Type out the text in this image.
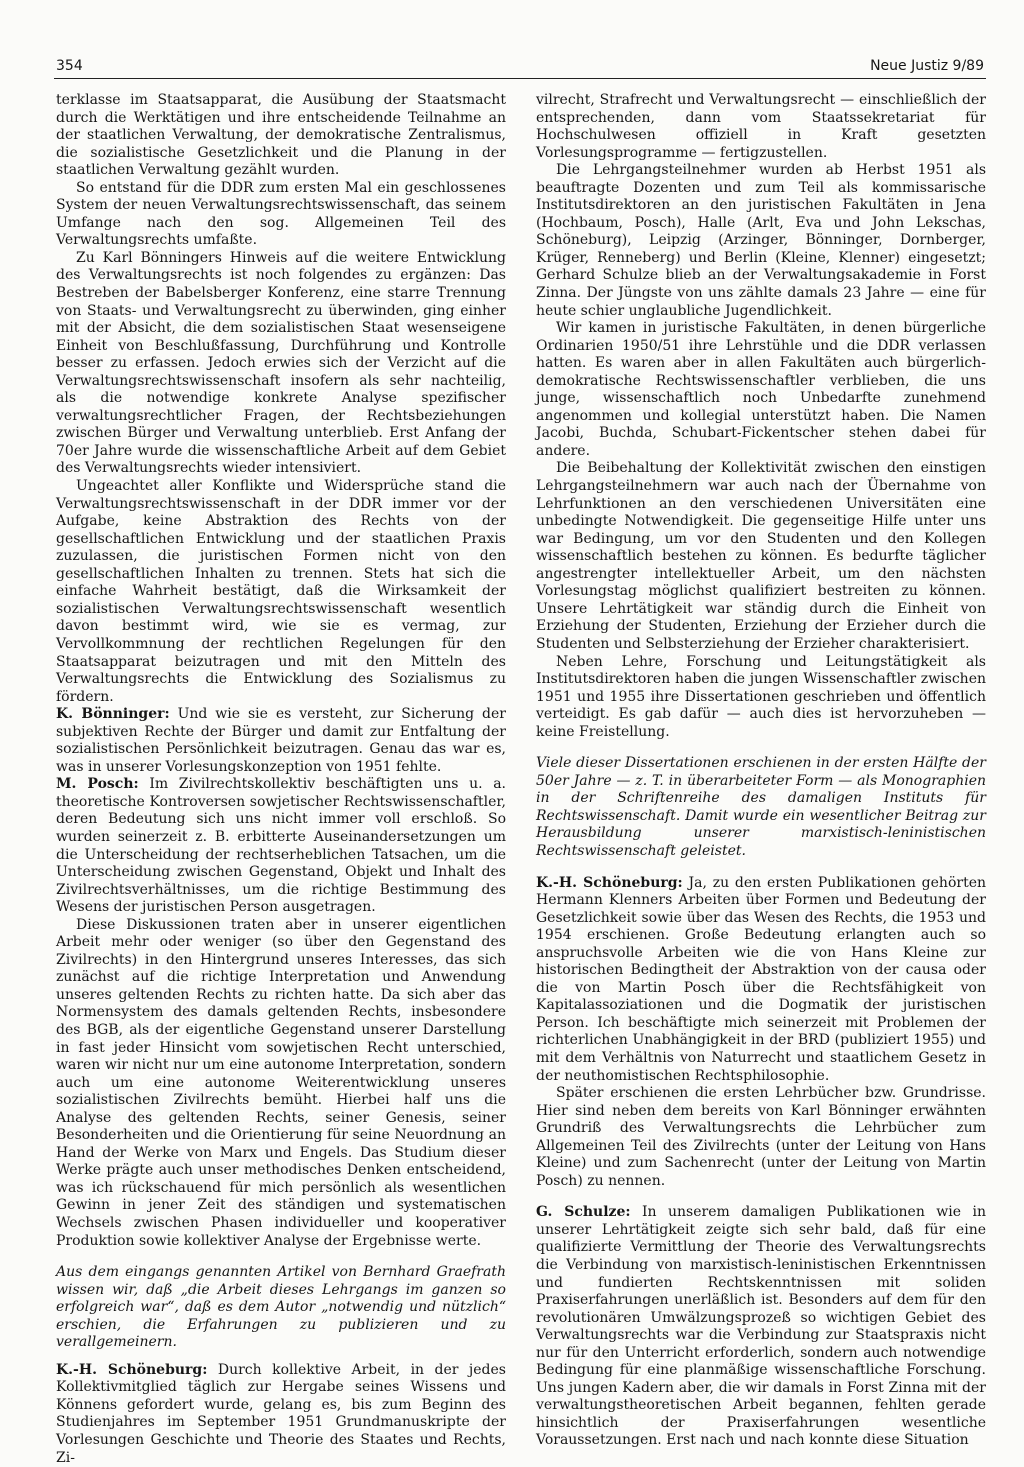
354	Neue Justiz 9/89

terklasse im Staatsapparat, die Ausübung der Staatsmacht durch die Werktätigen und ihre entscheidende Teilnahme an der staatlichen Verwaltung, der demokratische Zentralismus, die sozialistische Gesetzlichkeit und die Planung in der staatlichen Verwaltung gezählt wurden.

So entstand für die DDR zum ersten Mal ein geschlossenes System der neuen Verwaltungsrechtswissenschaft, das seinem Umfange nach den sog. Allgemeinen Teil des Verwaltungsrechts umfaßte.

Zu Karl Bönningers Hinweis auf die weitere Entwicklung des Verwaltungsrechts ist noch folgendes zu ergänzen: Das Bestreben der Babelsberger Konferenz, eine starre Trennung von Staats- und Verwaltungsrecht zu überwinden, ging einher mit der Absicht, die dem sozialistischen Staat wesenseigene Einheit von Beschlußfassung, Durchführung und Kontrolle besser zu erfassen. Jedoch erwies sich der Verzicht auf die Verwaltungsrechtswissenschaft insofern als sehr nachteilig, als die notwendige konkrete Analyse spezifischer verwaltungsrechtlicher Fragen, der Rechtsbeziehungen zwischen Bürger und Verwaltung unterblieb. Erst Anfang der 70er Jahre wurde die wissenschaftliche Arbeit auf dem Gebiet des Verwaltungsrechts wieder intensiviert.

Ungeachtet aller Konflikte und Widersprüche stand die Verwaltungsrechtswissenschaft in der DDR immer vor der Aufgabe, keine Abstraktion des Rechts von der gesellschaftlichen Entwicklung und der staatlichen Praxis zuzulassen, die juristischen Formen nicht von den gesellschaftlichen Inhalten zu trennen. Stets hat sich die einfache Wahrheit bestätigt, daß die Wirksamkeit der sozialistischen Verwaltungsrechtswissenschaft wesentlich davon bestimmt wird, wie sie es vermag, zur Vervollkommnung der rechtlichen Regelungen für den Staatsapparat beizutragen und mit den Mitteln des Verwaltungsrechts die Entwicklung des Sozialismus zu fördern.

K. Bönninger: Und wie sie es versteht, zur Sicherung der subjektiven Rechte der Bürger und damit zur Entfaltung der sozialistischen Persönlichkeit beizutragen. Genau das war es, was in unserer Vorlesungskonzeption von 1951 fehlte.

M. Posch: Im Zivilrechtskollektiv beschäftigten uns u. a. theoretische Kontroversen sowjetischer Rechtswissenschaftler, deren Bedeutung sich uns nicht immer voll erschloß. So wurden seinerzeit z. B. erbitterte Auseinandersetzungen um die Unterscheidung der rechtserheblichen Tatsachen, um die Unterscheidung zwischen Gegenstand, Objekt und Inhalt des Zivilrechtsverhältnisses, um die richtige Bestimmung des Wesens der juristischen Person ausgetragen.

Diese Diskussionen traten aber in unserer eigentlichen Arbeit mehr oder weniger (so über den Gegenstand des Zivilrechts) in den Hintergrund unseres Interesses, das sich zunächst auf die richtige Interpretation und Anwendung unseres geltenden Rechts zu richten hatte. Da sich aber das Normensystem des damals geltenden Rechts, insbesondere des BGB, als der eigentliche Gegenstand unserer Darstellung in fast jeder Hinsicht vom sowjetischen Recht unterschied, waren wir nicht nur um eine autonome Interpretation, sondern auch um eine autonome Weiterentwicklung unseres sozialistischen Zivilrechts bemüht. Hierbei half uns die Analyse des geltenden Rechts, seiner Genesis, seiner Besonderheiten und die Orientierung für seine Neuordnung an Hand der Werke von Marx und Engels. Das Studium dieser Werke prägte auch unser methodisches Denken entscheidend, was ich rückschauend für mich persönlich als wesentlichen Gewinn in jener Zeit des ständigen und systematischen Wechsels zwischen Phasen individueller und kooperativer Produktion sowie kollektiver Analyse der Ergebnisse werte.

Aus dem eingangs genannten Artikel von Bernhard Graefrath wissen wir, daß „die Arbeit dieses Lehrgangs im ganzen so erfolgreich war“, daß es dem Autor „notwendig und nützlich“ erschien, die Erfahrungen zu publizieren und zu verallgemeinern.

K.-H. Schöneburg: Durch kollektive Arbeit, in der jedes Kollektivmitglied täglich zur Hergabe seines Wissens und Könnens gefordert wurde, gelang es, bis zum Beginn des Studienjahres im September 1951 Grundmanuskripte der Vorlesungen Geschichte und Theorie des Staates und Rechts, Zi-

vilrecht, Strafrecht und Verwaltungsrecht — einschließlich der entsprechenden, dann vom Staatssekretariat für Hochschulwesen offiziell in Kraft gesetzten Vorlesungsprogramme — fertigzustellen.

Die Lehrgangsteilnehmer wurden ab Herbst 1951 als beauftragte Dozenten und zum Teil als kommissarische Institutsdirektoren an den juristischen Fakultäten in Jena (Hochbaum, Posch), Halle (Arlt, Eva und John Lekschas, Schöneburg), Leipzig (Arzinger, Bönninger, Dornberger, Krüger, Renneberg) und Berlin (Kleine, Klenner) eingesetzt; Gerhard Schulze blieb an der Verwaltungsakademie in Forst Zinna. Der Jüngste von uns zählte damals 23 Jahre — eine für heute schier unglaubliche Jugendlichkeit.

Wir kamen in juristische Fakultäten, in denen bürgerliche Ordinarien 1950/51 ihre Lehrstühle und die DDR verlassen hatten. Es waren aber in allen Fakultäten auch bürgerlich-demokratische Rechtswissenschaftler verblieben, die uns junge, wissenschaftlich noch Unbedarfte zunehmend angenommen und kollegial unterstützt haben. Die Namen Jacobi, Buchda, Schubart-Fickentscher stehen dabei für andere.

Die Beibehaltung der Kollektivität zwischen den einstigen Lehrgangsteilnehmern war auch nach der Übernahme von Lehrfunktionen an den verschiedenen Universitäten eine unbedingte Notwendigkeit. Die gegenseitige Hilfe unter uns war Bedingung, um vor den Studenten und den Kollegen wissenschaftlich bestehen zu können. Es bedurfte täglicher angestrengter intellektueller Arbeit, um den nächsten Vorlesungstag möglichst qualifiziert bestreiten zu können. Unsere Lehrtätigkeit war ständig durch die Einheit von Erziehung der Studenten, Erziehung der Erzieher durch die Studenten und Selbsterziehung der Erzieher charakterisiert.

Neben Lehre, Forschung und Leitungstätigkeit als Institutsdirektoren haben die jungen Wissenschaftler zwischen 1951 und 1955 ihre Dissertationen geschrieben und öffentlich verteidigt. Es gab dafür — auch dies ist hervorzuheben — keine Freistellung.

Viele dieser Dissertationen erschienen in der ersten Hälfte der 50er Jahre — z. T. in überarbeiteter Form — als Monographien in der Schriftenreihe des damaligen Instituts für Rechtswissenschaft. Damit wurde ein wesentlicher Beitrag zur Herausbildung unserer marxistisch-leninistischen Rechtswissenschaft geleistet.

K.-H. Schöneburg: Ja, zu den ersten Publikationen gehörten Hermann Klenners Arbeiten über Formen und Bedeutung der Gesetzlichkeit sowie über das Wesen des Rechts, die 1953 und 1954 erschienen. Große Bedeutung erlangten auch so anspruchsvolle Arbeiten wie die von Hans Kleine zur historischen Bedingtheit der Abstraktion von der causa oder die von Martin Posch über die Rechtsfähigkeit von Kapitalassoziationen und die Dogmatik der juristischen Person. Ich beschäftigte mich seinerzeit mit Problemen der richterlichen Unabhängigkeit in der BRD (publiziert 1955) und mit dem Verhältnis von Naturrecht und staatlichem Gesetz in der neuthomistischen Rechtsphilosophie.

Später erschienen die ersten Lehrbücher bzw. Grundrisse. Hier sind neben dem bereits von Karl Bönninger erwähnten Grundriß des Verwaltungsrechts die Lehrbücher zum Allgemeinen Teil des Zivilrechts (unter der Leitung von Hans Kleine) und zum Sachenrecht (unter der Leitung von Martin Posch) zu nennen.

G. Schulze: In unserem damaligen Publikationen wie in unserer Lehrtätigkeit zeigte sich sehr bald, daß für eine qualifizierte Vermittlung der Theorie des Verwaltungsrechts die Verbindung von marxistisch-leninistischen Erkenntnissen und fundierten Rechtskenntnissen mit soliden Praxiserfahrungen unerläßlich ist. Besonders auf dem für den revolutionären Umwälzungsprozeß so wichtigen Gebiet des Verwaltungsrechts war die Verbindung zur Staatspraxis nicht nur für den Unterricht erforderlich, sondern auch notwendige Bedingung für eine planmäßige wissenschaftliche Forschung. Uns jungen Kadern aber, die wir damals in Forst Zinna mit der verwaltungstheoretischen Arbeit begannen, fehlten gerade hinsichtlich der Praxiserfahrungen wesentliche Voraussetzungen. Erst nach und nach konnte diese Situation
